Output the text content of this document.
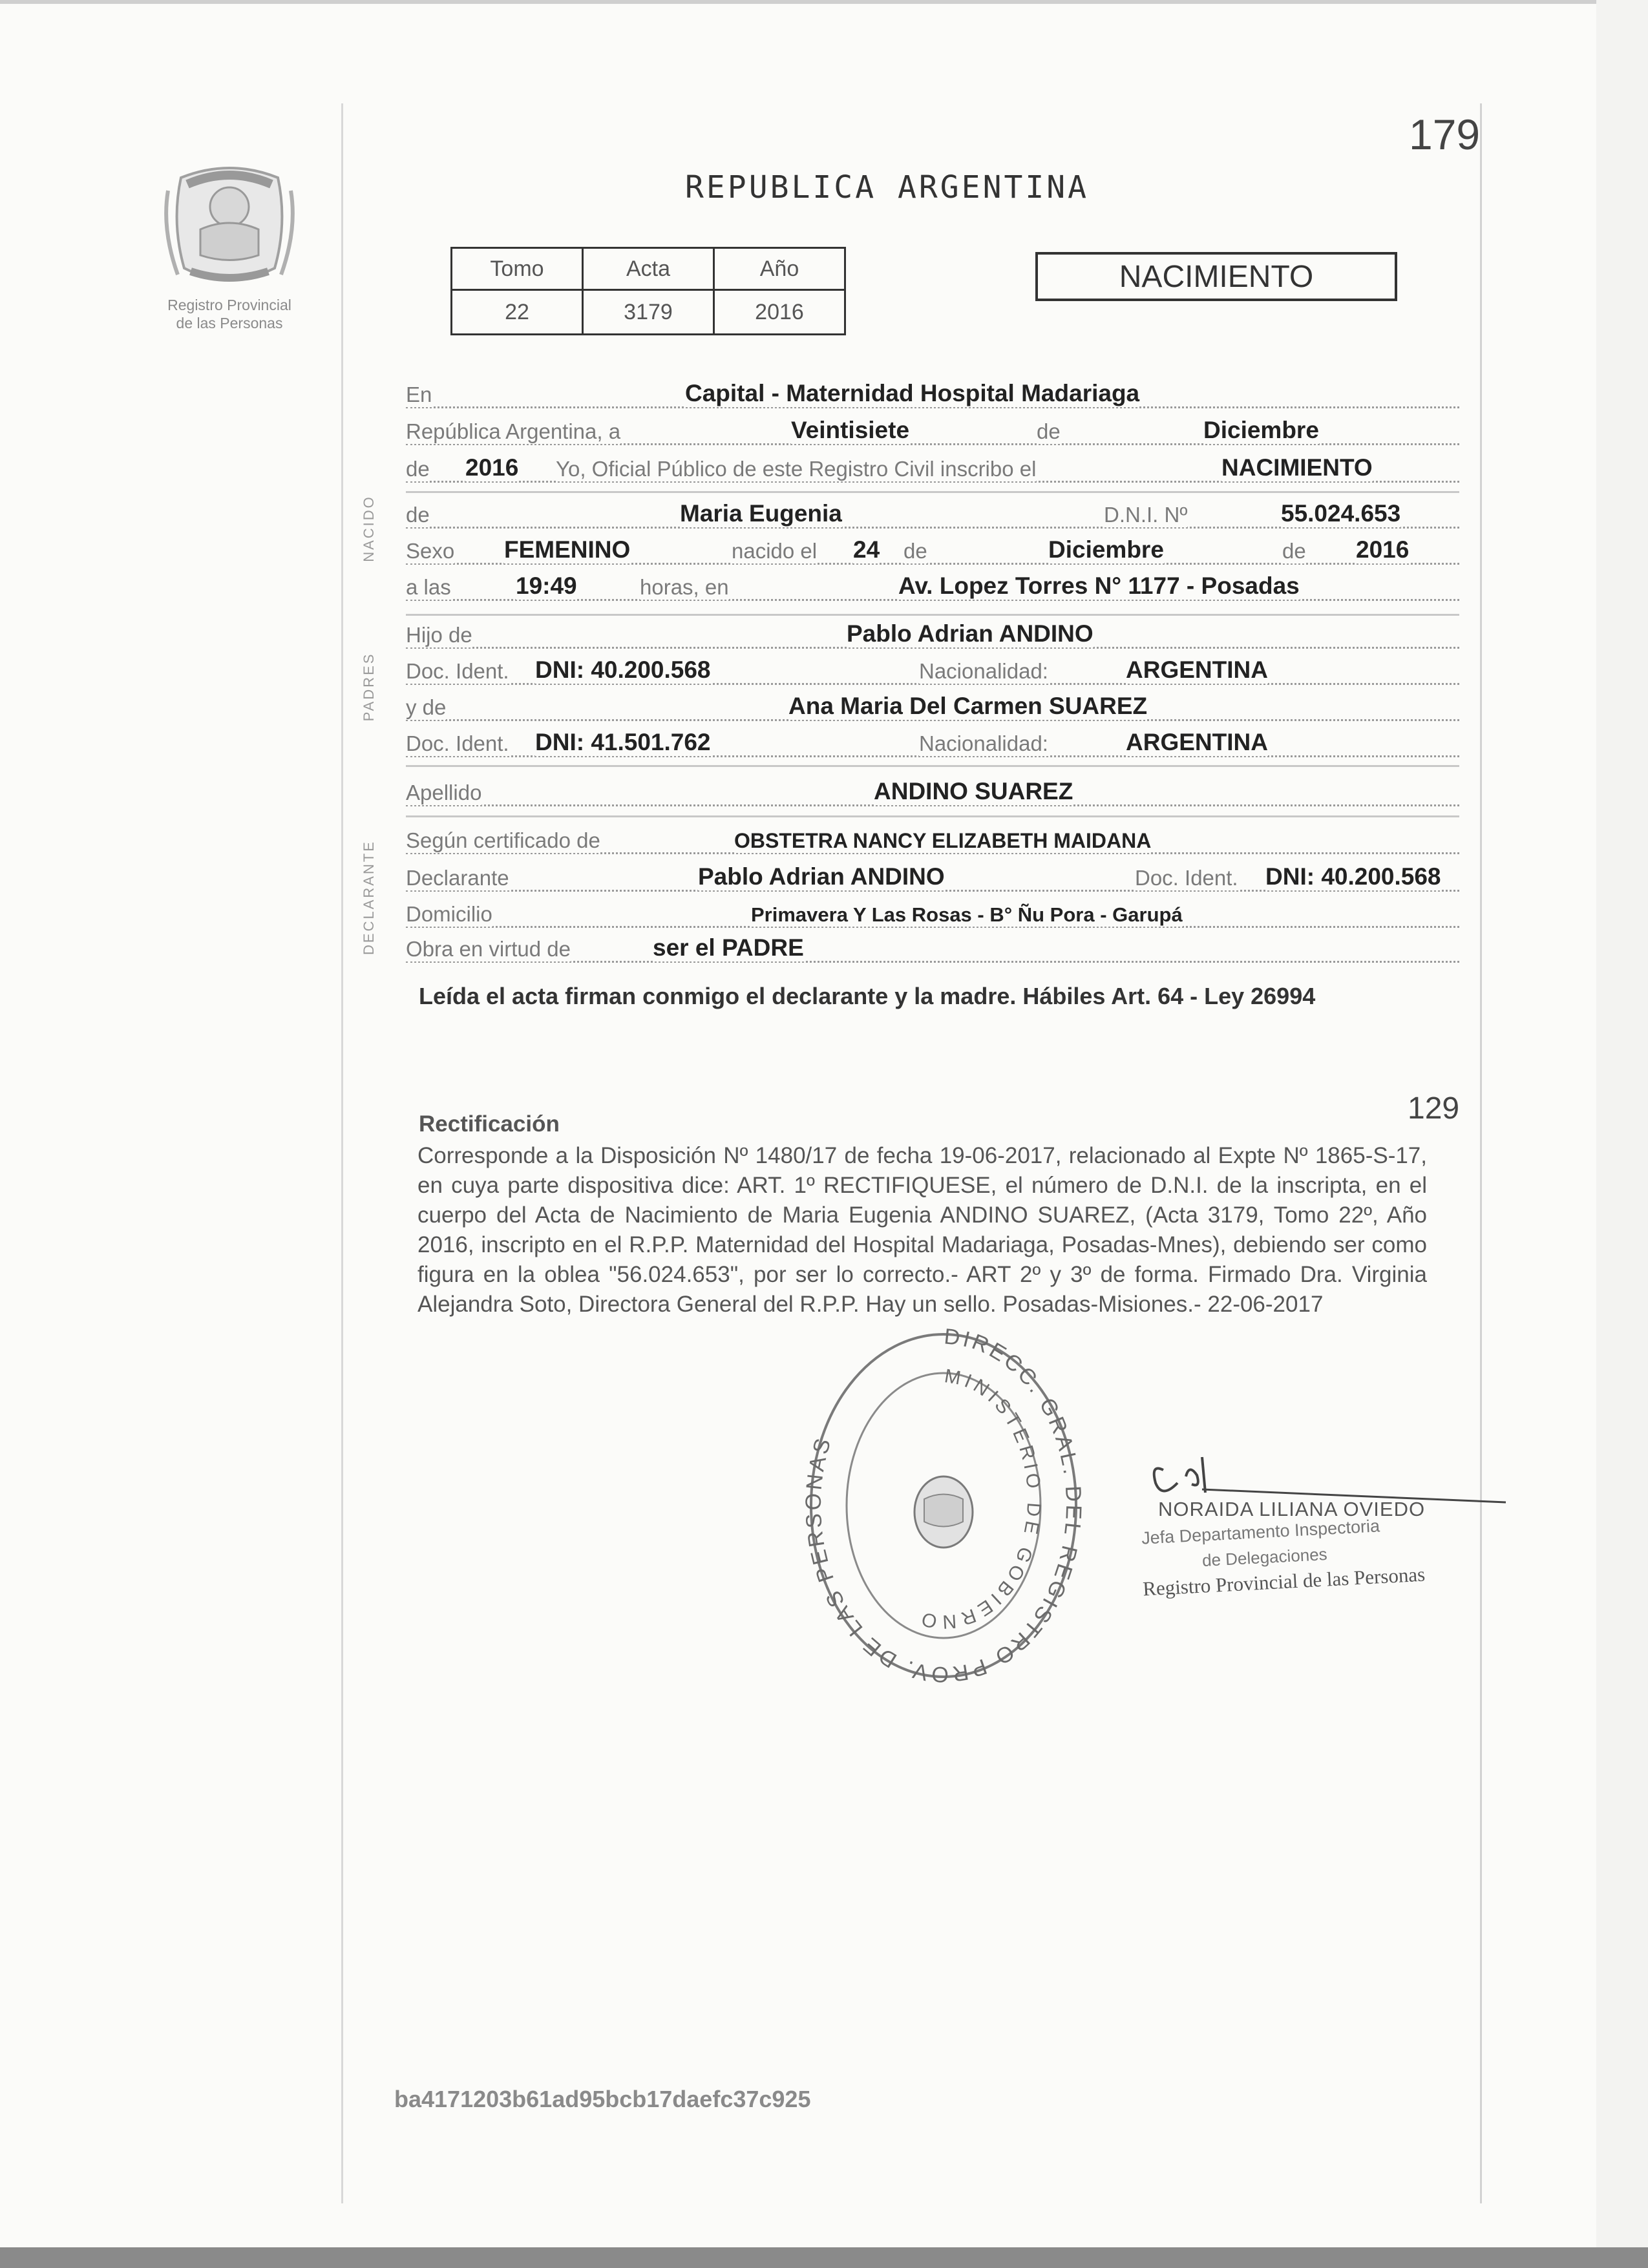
179
Registro Provincial
de las Personas
REPUBLICA ARGENTINA
Tomo	Acta	Año
22	3179	2016
NACIMIENTO
En	Capital - Maternidad Hospital Madariaga
República Argentina, a	Veintisiete	de	Diciembre
de 2016 Yo, Oficial Público de este Registro Civil inscribo el	NACIMIENTO
NACIDO de	Maria Eugenia	D.N.I. Nº	55.024.653
Sexo FEMENINO	nacido el 24 de	Diciembre	de 2016
a las	19:49	horas, en	Av. Lopez Torres N° 1177 - Posadas
PADRES
Hijo de	Pablo Adrian ANDINO
Doc. Ident. DNI: 40.200.568	Nacionalidad:	ARGENTINA
y de	Ana Maria Del Carmen SUAREZ
Doc. Ident. DNI: 41.501.762	Nacionalidad:	ARGENTINA
Apellido	ANDINO SUAREZ
DECLARANTE Según certificado de	OBSTETRA NANCY ELIZABETH MAIDANA
Declarante	Pablo Adrian ANDINO	Doc. Ident. DNI: 40.200.568
Domicilio	Primavera Y Las Rosas - B° Ñu Pora - Garupá
Obra en virtud de	ser el PADRE
Leída el acta firman conmigo el declarante y la madre. Hábiles Art. 64 - Ley 26994
129
Rectificación
Corresponde a la Disposición Nº 1480/17 de fecha 19-06-2017, relacionado al Expte Nº 1865-S-17, en cuya parte dispositiva dice: ART. 1º RECTIFIQUESE, el número de D.N.I. de la inscripta, en el cuerpo del Acta de Nacimiento de Maria Eugenia ANDINO SUAREZ, (Acta 3179, Tomo 22º, Año 2016, inscripto en el R.P.P. Maternidad del Hospital Madariaga, Posadas-Mnes), debiendo ser como figura en la oblea "56.024.653", por ser lo correcto.- ART 2º y 3º de forma. Firmado Dra. Virginia Alejandra Soto, Directora General del R.P.P. Hay un sello. Posadas-Misiones.- 22-06-2017
DIRECC. GRAL. DEL REGISTRO PROV. DE LAS PERSONAS
MINISTERIO DE GOBIERNO
NORAIDA LILIANA OVIEDO
Jefa Departamento Inspectoria
de Delegaciones
Registro Provincial de las Personas
ba4171203b61ad95bcb17daefc37c925
